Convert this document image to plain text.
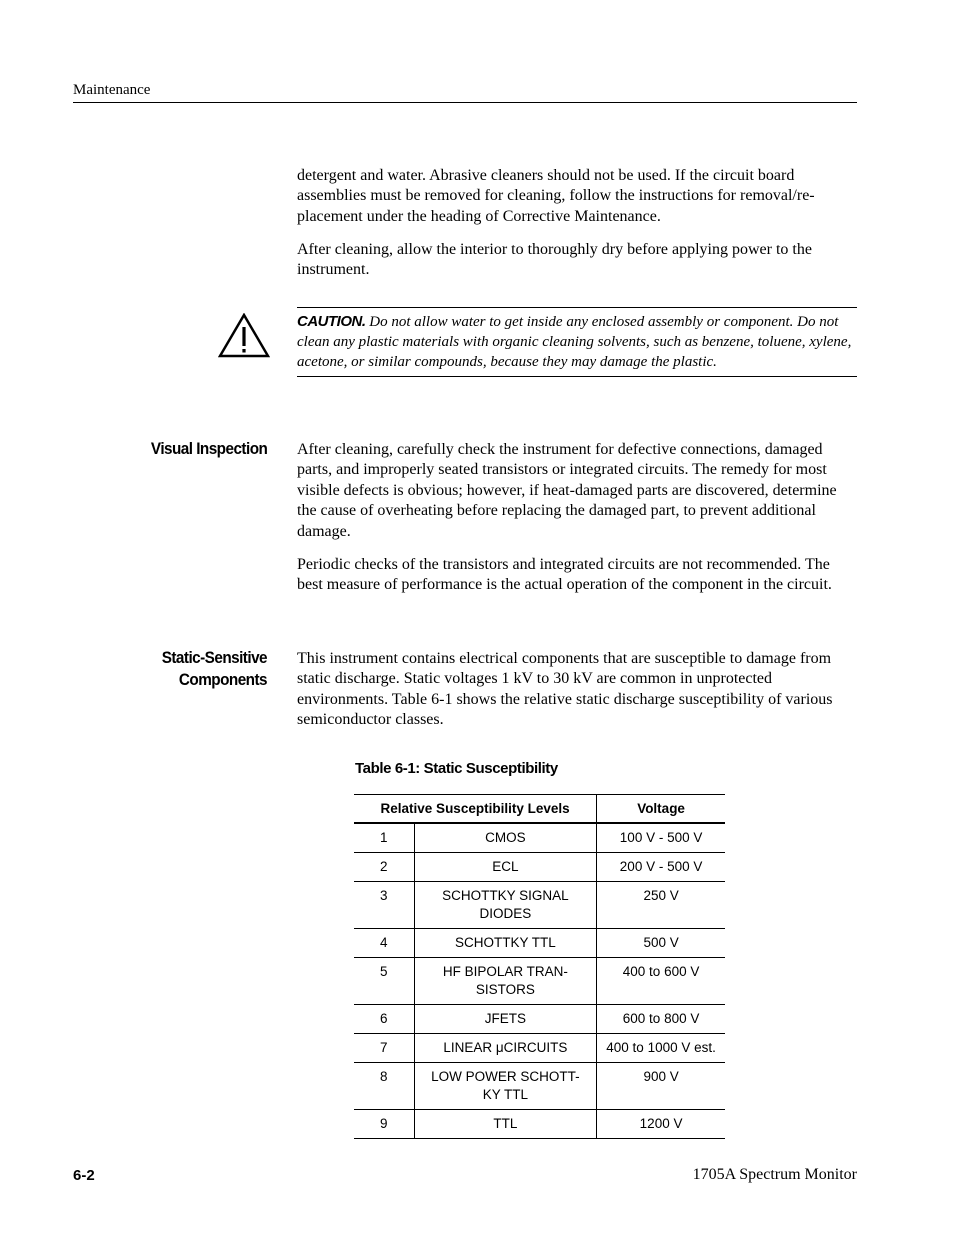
Maintenance

detergent and water. Abrasive cleaners should not be used. If the circuit board assemblies must be removed for cleaning, follow the instructions for removal/re-placement under the heading of Corrective Maintenance.

After cleaning, allow the interior to thoroughly dry before applying power to the instrument.

CAUTION. Do not allow water to get inside any enclosed assembly or component. Do not clean any plastic materials with organic cleaning solvents, such as benzene, toluene, xylene, acetone, or similar compounds, because they may damage the plastic.

Visual Inspection After cleaning, carefully check the instrument for defective connections, damaged parts, and improperly seated transistors or integrated circuits. The remedy for most visible defects is obvious; however, if heat-damaged parts are discovered, determine the cause of overheating before replacing the damaged part, to prevent additional damage.

Periodic checks of the transistors and integrated circuits are not recommended. The best measure of performance is the actual operation of the component in the circuit.

Static-Sensitive
Components

This instrument contains electrical components that are susceptible to damage from static discharge. Static voltages 1 kV to 30 kV are common in unprotected environments. Table 6-1 shows the relative static discharge susceptibility of various semiconductor classes.

Table 6-1: Static Susceptibility
Relative Susceptibility Levels		Voltage
1	CMOS	100 V - 500 V
2	ECL	200 V - 500 V
3	SCHOTTKY SIGNAL DIODES	250 V
4	SCHOTTKY TTL	500 V
5	HF BIPOLAR TRAN-SISTORS	400 to 600 V
6	JFETS	600 to 800 V
7	LINEAR μCIRCUITS	400 to 1000 V est.
8	LOW POWER SCHOTT-KY TTL	900 V
9	TTL	1200 V
6-2	1705A Spectrum Monitor
